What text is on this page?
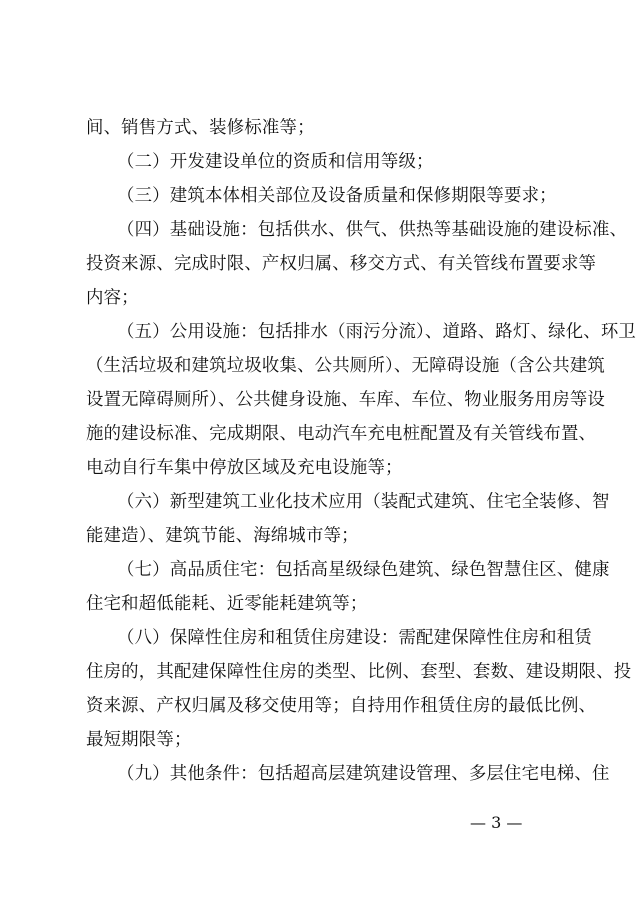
间、销售方式、装修标准等；
（二）开发建设单位的资质和信用等级；
（三）建筑本体相关部位及设备质量和保修期限等要求；
（四）基础设施：包括供水、供气、供热等基础设施的建设标准、
投资来源、完成时限、产权归属、移交方式、有关管线布置要求等
内容；
（五）公用设施：包括排水（雨污分流）、道路、路灯、绿化、环卫
（生活垃圾和建筑垃圾收集、公共厕所）、无障碍设施（含公共建筑
设置无障碍厕所）、公共健身设施、车库、车位、物业服务用房等设
施的建设标准、完成期限、电动汽车充电桩配置及有关管线布置、
电动自行车集中停放区域及充电设施等；
（六）新型建筑工业化技术应用（装配式建筑、住宅全装修、智
能建造）、建筑节能、海绵城市等；
（七）高品质住宅：包括高星级绿色建筑、绿色智慧住区、健康
住宅和超低能耗、近零能耗建筑等；
（八）保障性住房和租赁住房建设：需配建保障性住房和租赁
住房的，其配建保障性住房的类型、比例、套型、套数、建设期限、投
资来源、产权归属及移交使用等；自持用作租赁住房的最低比例、
最短期限等；
（九）其他条件：包括超高层建筑建设管理、多层住宅电梯、住
— 3 —
